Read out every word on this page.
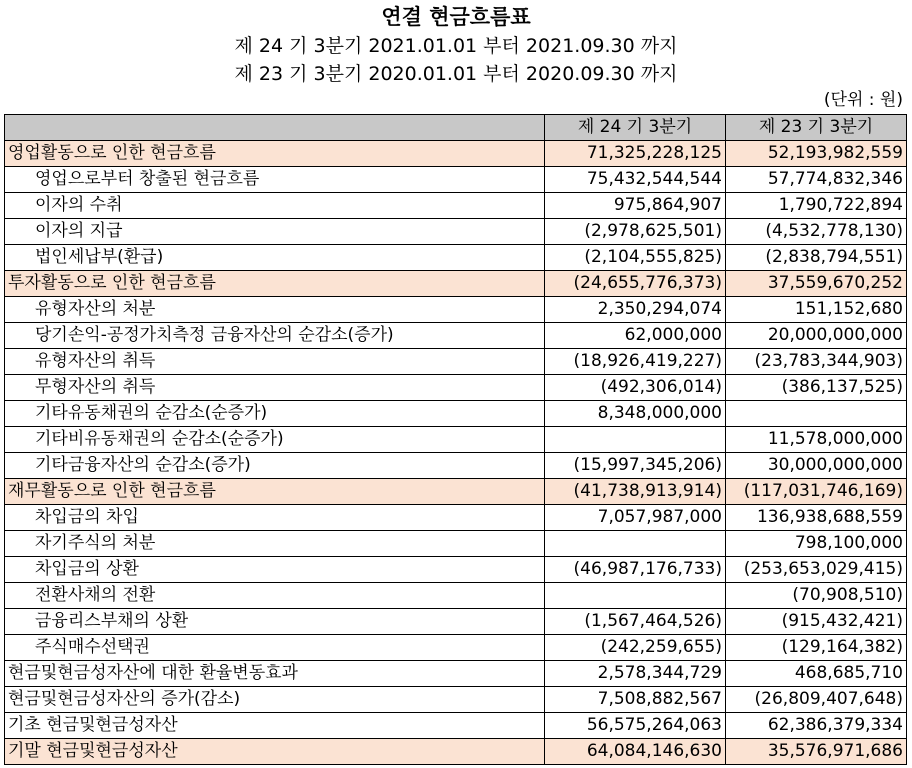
연결 현금흐름표
제 24 기 3분기 2021.01.01 부터 2021.09.30 까지
제 23 기 3분기 2020.01.01 부터 2020.09.30 까지
(단위 : 원)
	제 24 기 3분기	제 23 기 3분기
영업활동으로 인한 현금흐름	71,325,228,125	52,193,982,559
영업으로부터 창출된 현금흐름	75,432,544,544	57,774,832,346
이자의 수취	975,864,907	1,790,722,894
이자의 지급	(2,978,625,501)	(4,532,778,130)
법인세납부(환급)	(2,104,555,825)	(2,838,794,551)
투자활동으로 인한 현금흐름	(24,655,776,373)	37,559,670,252
유형자산의 처분	2,350,294,074	151,152,680
당기손익-공정가치측정 금융자산의 순감소(증가)	62,000,000	20,000,000,000
유형자산의 취득	(18,926,419,227)	(23,783,344,903)
무형자산의 취득	(492,306,014)	(386,137,525)
기타유동채권의 순감소(순증가)	8,348,000,000	
기타비유동채권의 순감소(순증가)		11,578,000,000
기타금융자산의 순감소(증가)	(15,997,345,206)	30,000,000,000
재무활동으로 인한 현금흐름	(41,738,913,914)	(117,031,746,169)
차입금의 차입	7,057,987,000	136,938,688,559
자기주식의 처분		798,100,000
차입금의 상환	(46,987,176,733)	(253,653,029,415)
전환사채의 전환		(70,908,510)
금융리스부채의 상환	(1,567,464,526)	(915,432,421)
주식매수선택권	(242,259,655)	(129,164,382)
현금및현금성자산에 대한 환율변동효과	2,578,344,729	468,685,710
현금및현금성자산의 증가(감소)	7,508,882,567	(26,809,407,648)
기초 현금및현금성자산	56,575,264,063	62,386,379,334
기말 현금및현금성자산	64,084,146,630	35,576,971,686
